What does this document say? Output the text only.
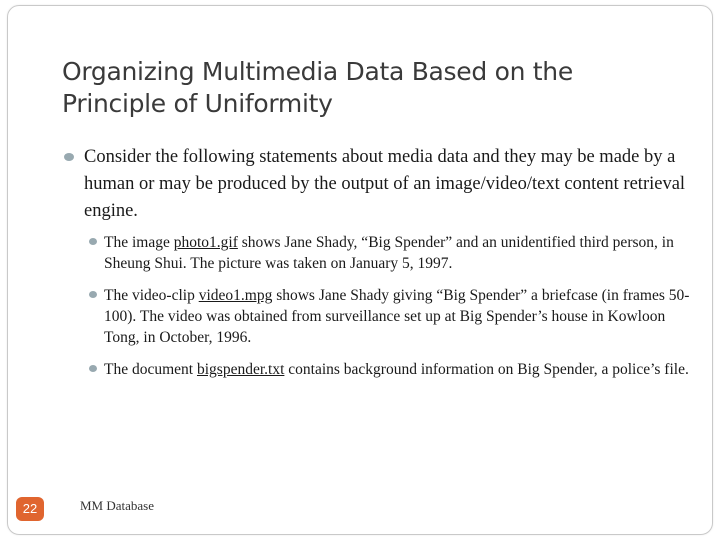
Organizing Multimedia Data Based on the Principle of Uniformity
Consider the following statements about media data and they may be made by a human or may be produced by the output of an image/video/text content retrieval engine.
The image photo1.gif shows Jane Shady, “Big Spender” and an unidentified third person, in Sheung Shui. The picture was taken on January 5, 1997.
The video-clip video1.mpg shows Jane Shady giving “Big Spender” a briefcase (in frames 50-100). The video was obtained from surveillance set up at Big Spender’s house in Kowloon Tong, in October, 1996.
The document bigspender.txt contains background information on Big Spender, a police’s file.
22	MM Database
